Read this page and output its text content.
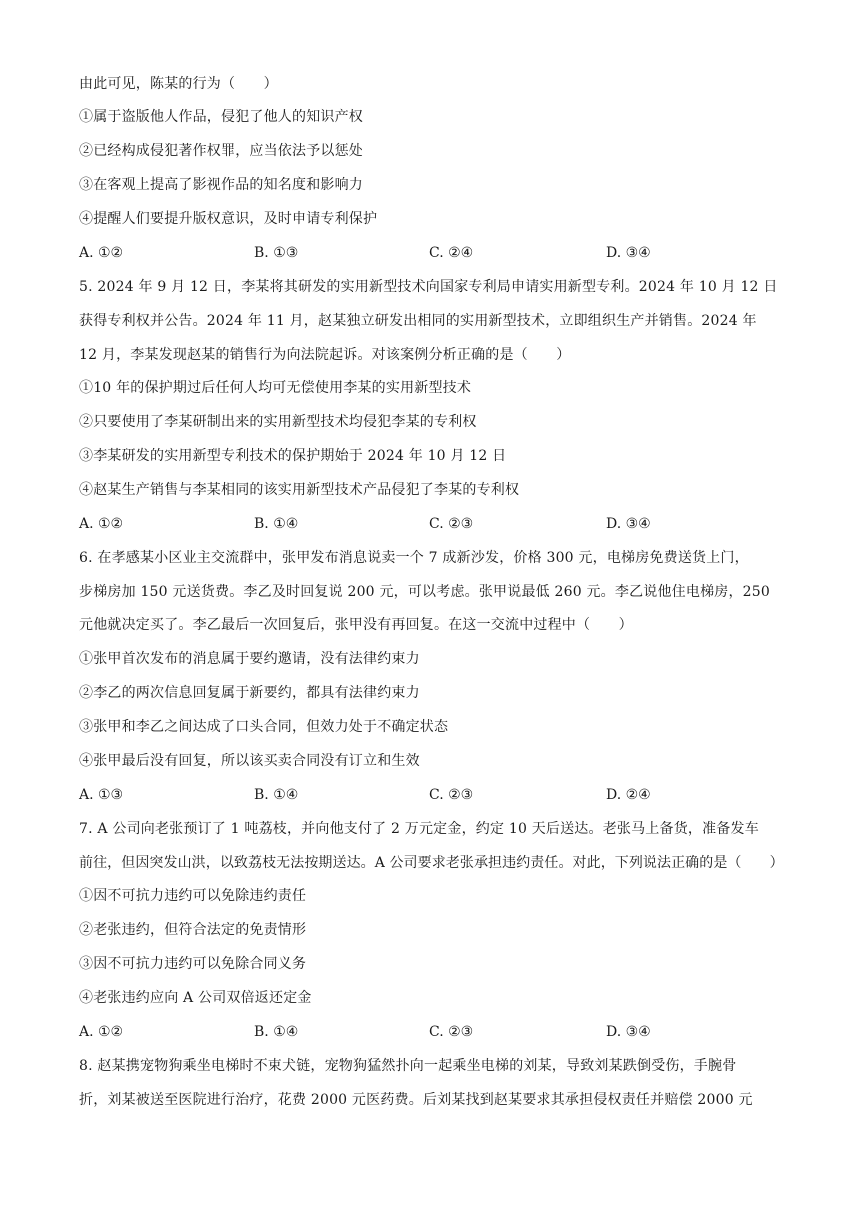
由此可见，陈某的行为（　　）
①属于盗版他人作品，侵犯了他人的知识产权
②已经构成侵犯著作权罪，应当依法予以惩处
③在客观上提高了影视作品的知名度和影响力
④提醒人们要提升版权意识，及时申请专利保护
A. ①②	B. ①③	C. ②④	D. ③④
5. 2024 年 9 月 12 日，李某将其研发的实用新型技术向国家专利局申请实用新型专利。2024 年 10 月 12 日
获得专利权并公告。2024 年 11 月，赵某独立研发出相同的实用新型技术，立即组织生产并销售。2024 年
12 月，李某发现赵某的销售行为向法院起诉。对该案例分析正确的是（　　）
①10 年的保护期过后任何人均可无偿使用李某的实用新型技术
②只要使用了李某研制出来的实用新型技术均侵犯李某的专利权
③李某研发的实用新型专利技术的保护期始于 2024 年 10 月 12 日
④赵某生产销售与李某相同的该实用新型技术产品侵犯了李某的专利权
A. ①②	B. ①④	C. ②③	D. ③④
6. 在孝感某小区业主交流群中，张甲发布消息说卖一个 7 成新沙发，价格 300 元，电梯房免费送货上门，
步梯房加 150 元送货费。李乙及时回复说 200 元，可以考虑。张甲说最低 260 元。李乙说他住电梯房，250
元他就决定买了。李乙最后一次回复后，张甲没有再回复。在这一交流中过程中（　　）
①张甲首次发布的消息属于要约邀请，没有法律约束力
②李乙的两次信息回复属于新要约，都具有法律约束力
③张甲和李乙之间达成了口头合同，但效力处于不确定状态
④张甲最后没有回复，所以该买卖合同没有订立和生效
A. ①③	B. ①④	C. ②③	D. ②④
7. A 公司向老张预订了 1 吨荔枝，并向他支付了 2 万元定金，约定 10 天后送达。老张马上备货，准备发车
前往，但因突发山洪，以致荔枝无法按期送达。A 公司要求老张承担违约责任。对此，下列说法正确的是（　　）
①因不可抗力违约可以免除违约责任
②老张违约，但符合法定的免责情形
③因不可抗力违约可以免除合同义务
④老张违约应向 A 公司双倍返还定金
A. ①②	B. ①④	C. ②③	D. ③④
8. 赵某携宠物狗乘坐电梯时不束犬链，宠物狗猛然扑向一起乘坐电梯的刘某，导致刘某跌倒受伤，手腕骨
折，刘某被送至医院进行治疗，花费 2000 元医药费。后刘某找到赵某要求其承担侵权责任并赔偿 2000 元
